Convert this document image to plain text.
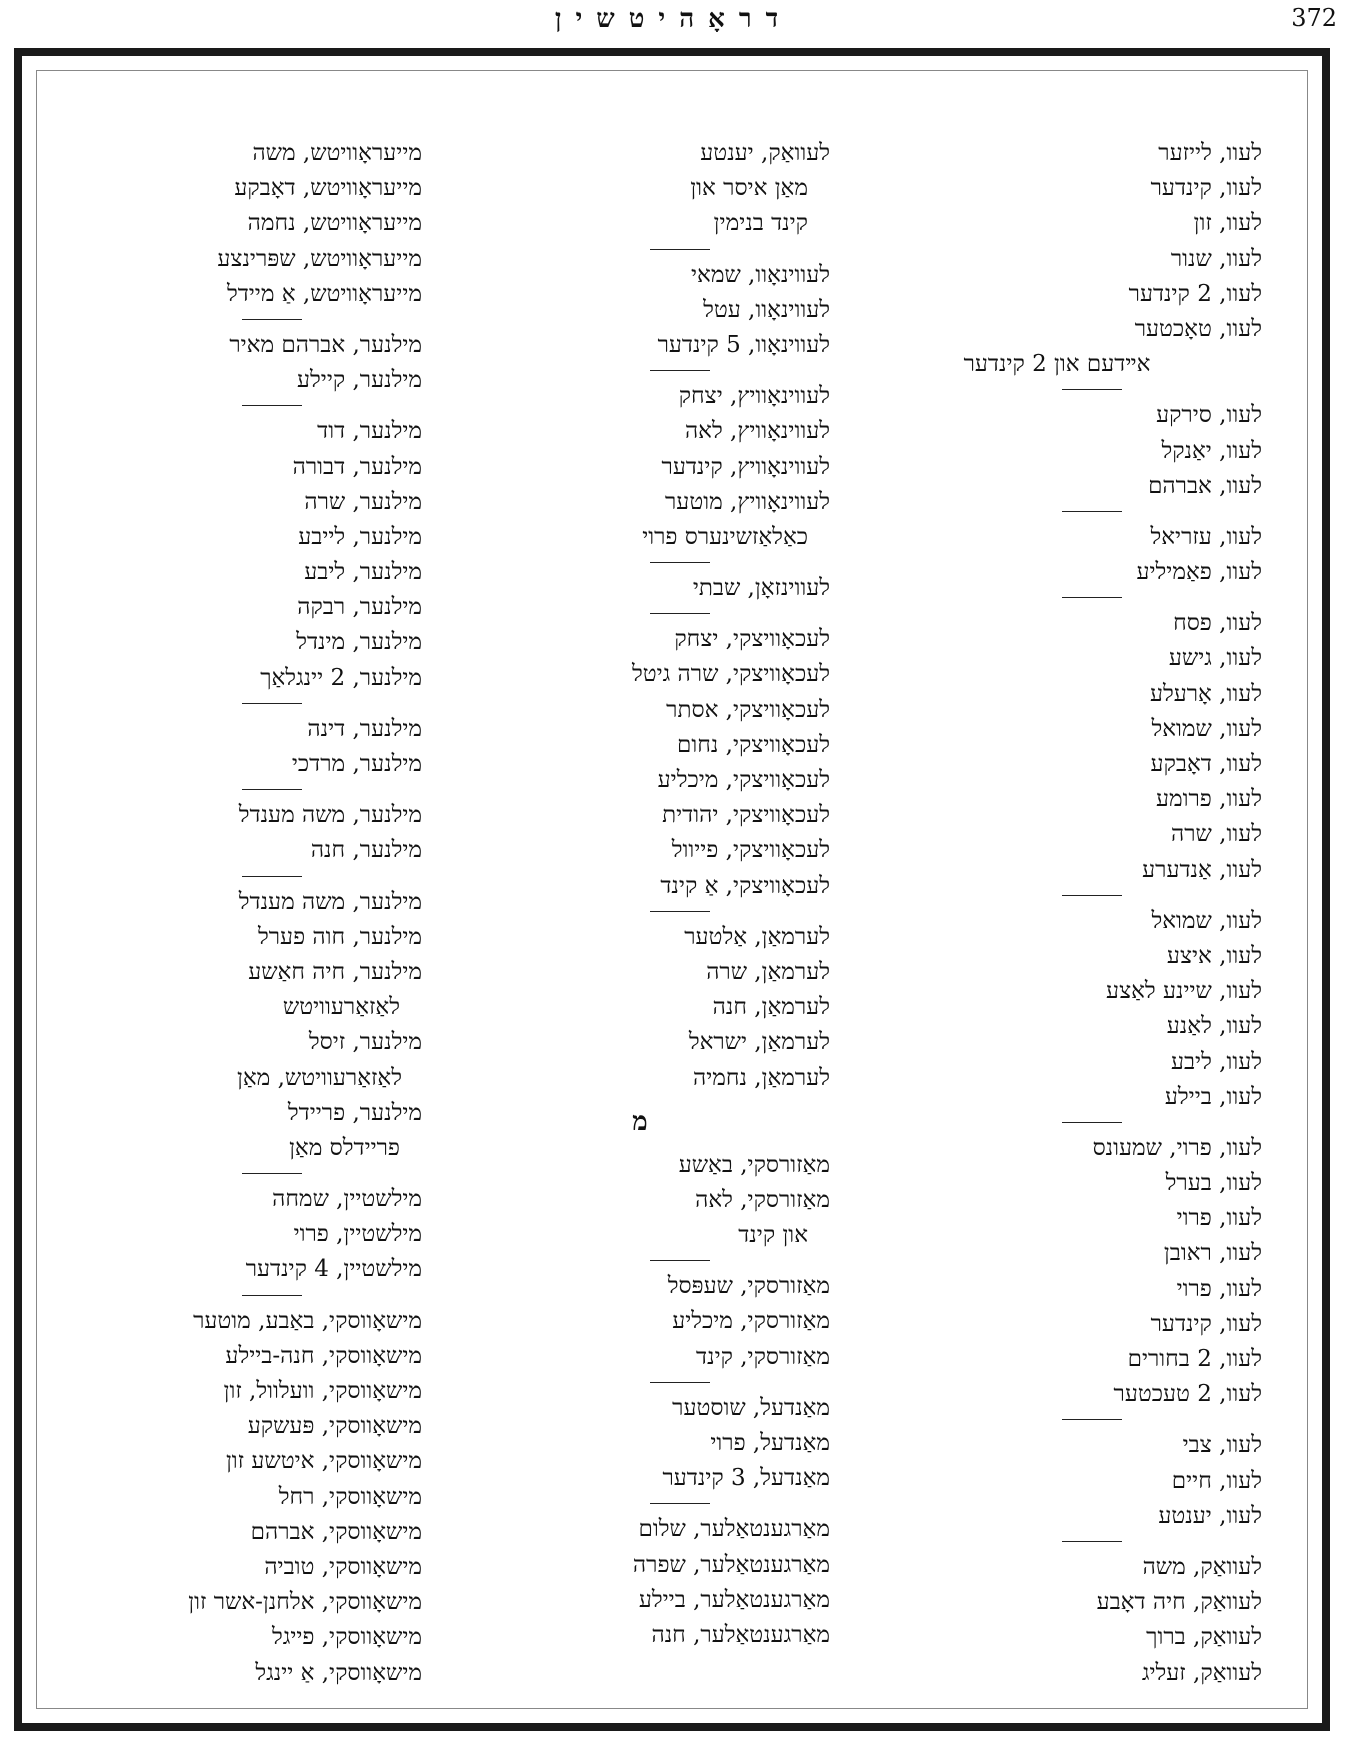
דראָהיטשין	372
לעוו, לייזער
לעוו, קינדער
לעוו, זון
לעוו, שנור
לעוו, 2 קינדער
לעוו, טאָכטער
אײדעם און 2 קינדער
לעוו, סירקע
לעוו, יאַנקל
לעוו, אברהם
לעוו, עזריאל
לעוו, פאַמיליע
לעוו, פסח
לעוו, גישע
לעוו, אָרעלע
לעוו, שמואל
לעוו, דאָבקע
לעוו, פרומע
לעוו, שרה
לעוו, אַנדערע
לעוו, שמואל
לעוו, איצע
לעוו, שיינע לאַצע
לעוו, לאַנע
לעוו, ליבע
לעוו, ביילע
לעוו, פרוי, שמעונס
לעוו, בערל
לעוו, פרוי
לעוו, ראובן
לעוו, פרוי
לעוו, קינדער
לעוו, 2 בחורים
לעוו, 2 טעכטער
לעוו, צבי
לעוו, חיים
לעוו, יענטע
לעוואַק, משה
לעוואַק, חיה דאָבע
לעוואַק, ברוך
לעוואַק, זעליג
לעוואַק, יענטע
מאַן איסר און
קינד בנימין
לעווינאָוו, שמאי
לעווינאָוו, עטל
לעווינאָוו, 5 קינדער
לעווינאָוויץ, יצחק
לעווינאָוויץ, לאה
לעווינאָוויץ, קינדער
לעווינאָוויץ, מוטער
כאַלאַזשינערס פרוי
לעווינזאָן, שבתי
לעכאָוויצקי, יצחק
לעכאָוויצקי, שרה גיטל
לעכאָוויצקי, אסתר
לעכאָוויצקי, נחום
לעכאָוויצקי, מיכליע
לעכאָוויצקי, יהודית
לעכאָוויצקי, פייוול
לעכאָוויצקי, אַ קינד
לערמאַן, אַלטער
לערמאַן, שרה
לערמאַן, חנה
לערמאַן, ישראל
לערמאַן, נחמיה
מ
מאַזורסקי, באַשע
מאַזורסקי, לאה
און קינד
מאַזורסקי, שעפּסל
מאַזורסקי, מיכליע
מאַזורסקי, קינד
מאַנדעל, שוסטער
מאַנדעל, פרוי
מאַנדעל, 3 קינדער
מאַרגענטאַלער, שלום
מאַרגענטאַלער, שפרה
מאַרגענטאַלער, ביילע
מאַרגענטאַלער, חנה
מייעראָוויטש, משה
מייעראָוויטש, דאָבקע
מייעראָוויטש, נחמה
מייעראָוויטש, שפּרינצע
מייעראָוויטש, אַ מיידל
מילנער, אברהם מאיר
מילנער, קיילע
מילנער, דוד
מילנער, דבורה
מילנער, שרה
מילנער, לייבע
מילנער, ליבע
מילנער, רבקה
מילנער, מינדל
מילנער, 2 יינגלאַך
מילנער, דינה
מילנער, מרדכי
מילנער, משה מענדל
מילנער, חנה
מילנער, משה מענדל
מילנער, חוה פערל
מילנער, חיה חאַשע
לאַזאַרעוויטש
מילנער, זיסל
לאַזאַרעוויטש, מאַן
מילנער, פריידל
פריידלס מאַן
מילשטיין, שמחה
מילשטיין, פרוי
מילשטיין, 4 קינדער
מישאָווסקי, באַבע, מוטער
מישאָווסקי, חנה-ביילע
מישאָווסקי, וועלוול, זון
מישאָווסקי, פּעשקע
מישאָווסקי, איטשע זון
מישאָווסקי, רחל
מישאָווסקי, אברהם
מישאָווסקי, טוביה
מישאָווסקי, אלחנן-אשר זון
מישאָווסקי, פייגל
מישאָווסקי, אַ יינגל
